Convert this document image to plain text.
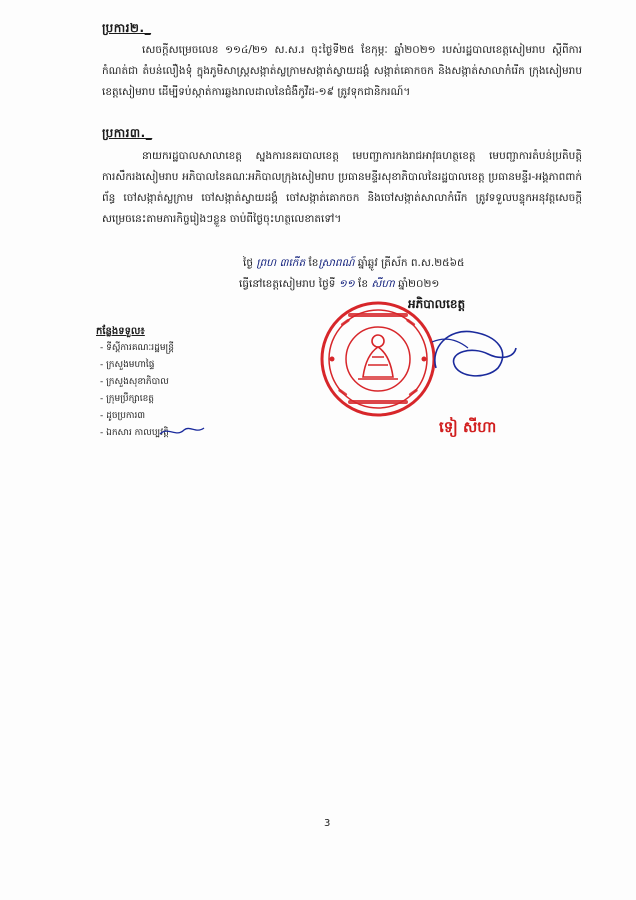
ប្រការ២._
សេចក្តីសម្រេចលេខ ១១៤/២១ ស.ស.រ ចុះថ្ងៃទី២៥ ខែកុម្ភៈ ឆ្នាំ២០២១ របស់រដ្ឋបាលខេត្តសៀមរាប ស្តីពីការកំណត់ជា តំបន់លឿងទុំ ក្នុងភូមិសាស្ត្រសង្កាត់ស្លក្រាមសង្កាត់ស្វាយដង្គំ សង្កាត់គោកចក និងសង្កាត់សាលាកំរើក ក្រុងសៀមរាប ខេត្តសៀមរាប ដើម្បីទប់ស្កាត់ការឆ្លងរាលដាលនៃជំងឺកូវីដ-១៩ ត្រូវទុកជានិករណ៍។
ប្រការ៣._
នាយករដ្ឋបាលសាលាខេត្ត ស្នងការនគរបាលខេត្ត មេបញ្ជាការកងរាជអាវុធហត្ថខេត្ត មេបញ្ជាការតំបន់ប្រតិបត្តិការសឹករងសៀមរាប អភិបាលនៃគណៈអភិបាលក្រុងសៀមរាប ប្រធានមន្ទីរសុខាភិបាលនៃរដ្ឋបាលខេត្ត ប្រធានមន្ទីរ-អង្គភាពពាក់ព័ន្ធ ចៅសង្កាត់ស្លក្រាម ចៅសង្កាត់ស្វាយដង្គំ ចៅសង្កាត់គោកចក និងចៅសង្កាត់សាលាកំរើក ត្រូវទទួលបន្ទុកអនុវត្តសេចក្តីសម្រេចនេះតាមភារកិច្ចរៀងៗខ្លួន ចាប់ពីថ្ងៃចុះហត្ថលេខាតទៅ។
ថ្ងៃ ព្រហ ៣កើត ខែស្រាពណ៍ ឆ្នាំឆ្លូវ ត្រីស័ក ព.ស.២៥៦៥
ធ្វើនៅខេត្តសៀមរាប ថ្ងៃទី ១១ ខែ សីហា ឆ្នាំ២០២១
អភិបាលខេត្ត
ទៀ សីហា
កន្លែងទទួល៖
- ទីស្តីការគណៈរដ្ឋមន្ត្រី
- ក្រសួងមហាផ្ទៃ
- ក្រសួងសុខាភិបាល
- ក្រុមប្រឹក្សាខេត្ត
- ដូចប្រការ៣
- ឯកសារ កាលប្បវត្តិ
3
